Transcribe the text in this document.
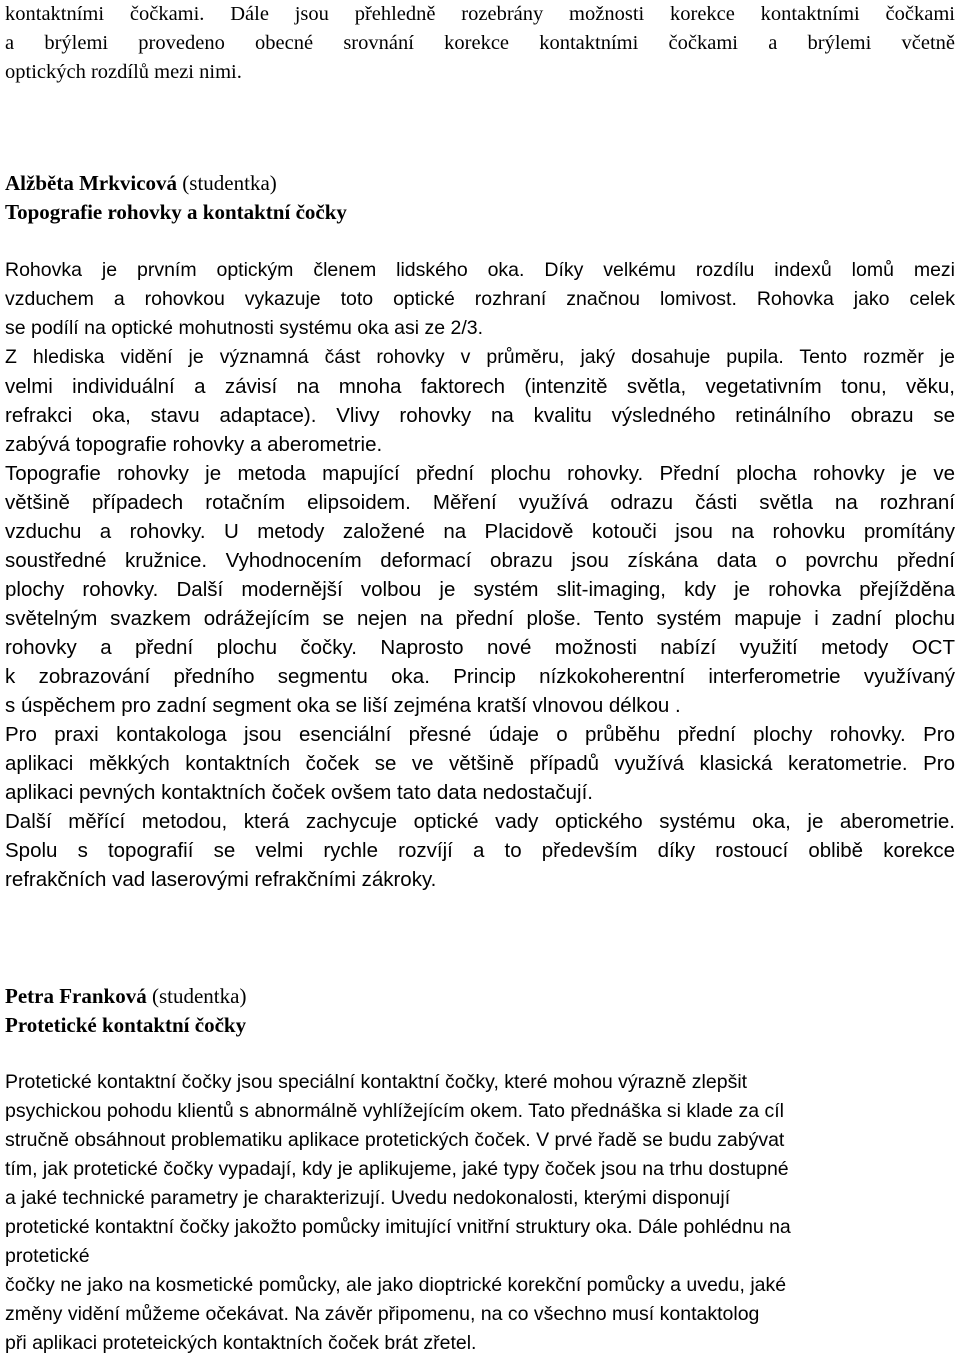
kontaktními čočkami. Dále jsou přehledně rozebrány možnosti korekce kontaktními čočkami
a brýlemi provedeno obecné srovnání korekce kontaktními čočkami a brýlemi včetně
optických rozdílů mezi nimi.
Alžběta Mrkvicová (studentka)
Topografie rohovky a kontaktní čočky
Rohovka je prvním optickým členem lidského oka. Díky velkému rozdílu indexů lomů mezi
vzduchem a rohovkou vykazuje toto optické rozhraní značnou lomivost. Rohovka jako celek
se podílí na optické mohutnosti systému oka asi ze 2/3.
Z hlediska vidění je významná část rohovky v průměru, jaký dosahuje pupila. Tento rozměr je
velmi individuální a závisí na mnoha faktorech (intenzitě světla, vegetativním tonu, věku,
refrakci oka, stavu adaptace). Vlivy rohovky na kvalitu výsledného retinálního obrazu se
zabývá topografie rohovky a aberometrie.
Topografie rohovky je metoda mapující přední plochu rohovky. Přední plocha rohovky je ve
většině případech rotačním elipsoidem. Měření využívá odrazu části světla na rozhraní
vzduchu a rohovky. U metody založené na Placidově kotouči jsou na rohovku promítány
soustředné kružnice. Vyhodnocením deformací obrazu jsou získána data o povrchu přední
plochy rohovky. Další modernější volbou je systém slit-imaging, kdy je rohovka přejížděna
světelným svazkem odrážejícím se nejen na přední ploše. Tento systém mapuje i zadní plochu
rohovky a přední plochu čočky. Naprosto nové možnosti nabízí využití metody OCT
k zobrazování předního segmentu oka. Princip nízkokoherentní interferometrie využívaný
s úspěchem pro zadní segment oka se liší zejména kratší vlnovou délkou .
Pro praxi kontakologa jsou esenciální přesné údaje o průběhu přední plochy rohovky. Pro
aplikaci měkkých kontaktních čoček se ve většině případů využívá klasická keratometrie. Pro
aplikaci pevných kontaktních čoček ovšem tato data nedostačují.
Další měřící metodou, která zachycuje optické vady optického systému oka, je aberometrie.
Spolu s topografií se velmi rychle rozvíjí a to především díky rostoucí oblibě korekce
refrakčních vad laserovými refrakčními zákroky.
Petra Franková (studentka)
Protetické kontaktní čočky
Protetické kontaktní čočky jsou speciální kontaktní čočky, které mohou výrazně zlepšit
psychickou pohodu klientů s abnormálně vyhlížejícím okem. Tato přednáška si klade za cíl
stručně obsáhnout problematiku aplikace protetických čoček. V prvé řadě se budu zabývat
tím, jak protetické čočky vypadají, kdy je aplikujeme, jaké typy čoček jsou na trhu dostupné
a jaké technické parametry je charakterizují. Uvedu nedokonalosti, kterými disponují
protetické kontaktní čočky jakožto pomůcky imitující vnitřní struktury oka. Dále pohlédnu na
protetické
čočky ne jako na kosmetické pomůcky, ale jako dioptrické korekční pomůcky a uvedu, jaké
změny vidění můžeme očekávat. Na závěr připomenu, na co všechno musí kontaktolog
při aplikaci proteteických kontaktních čoček brát zřetel.
